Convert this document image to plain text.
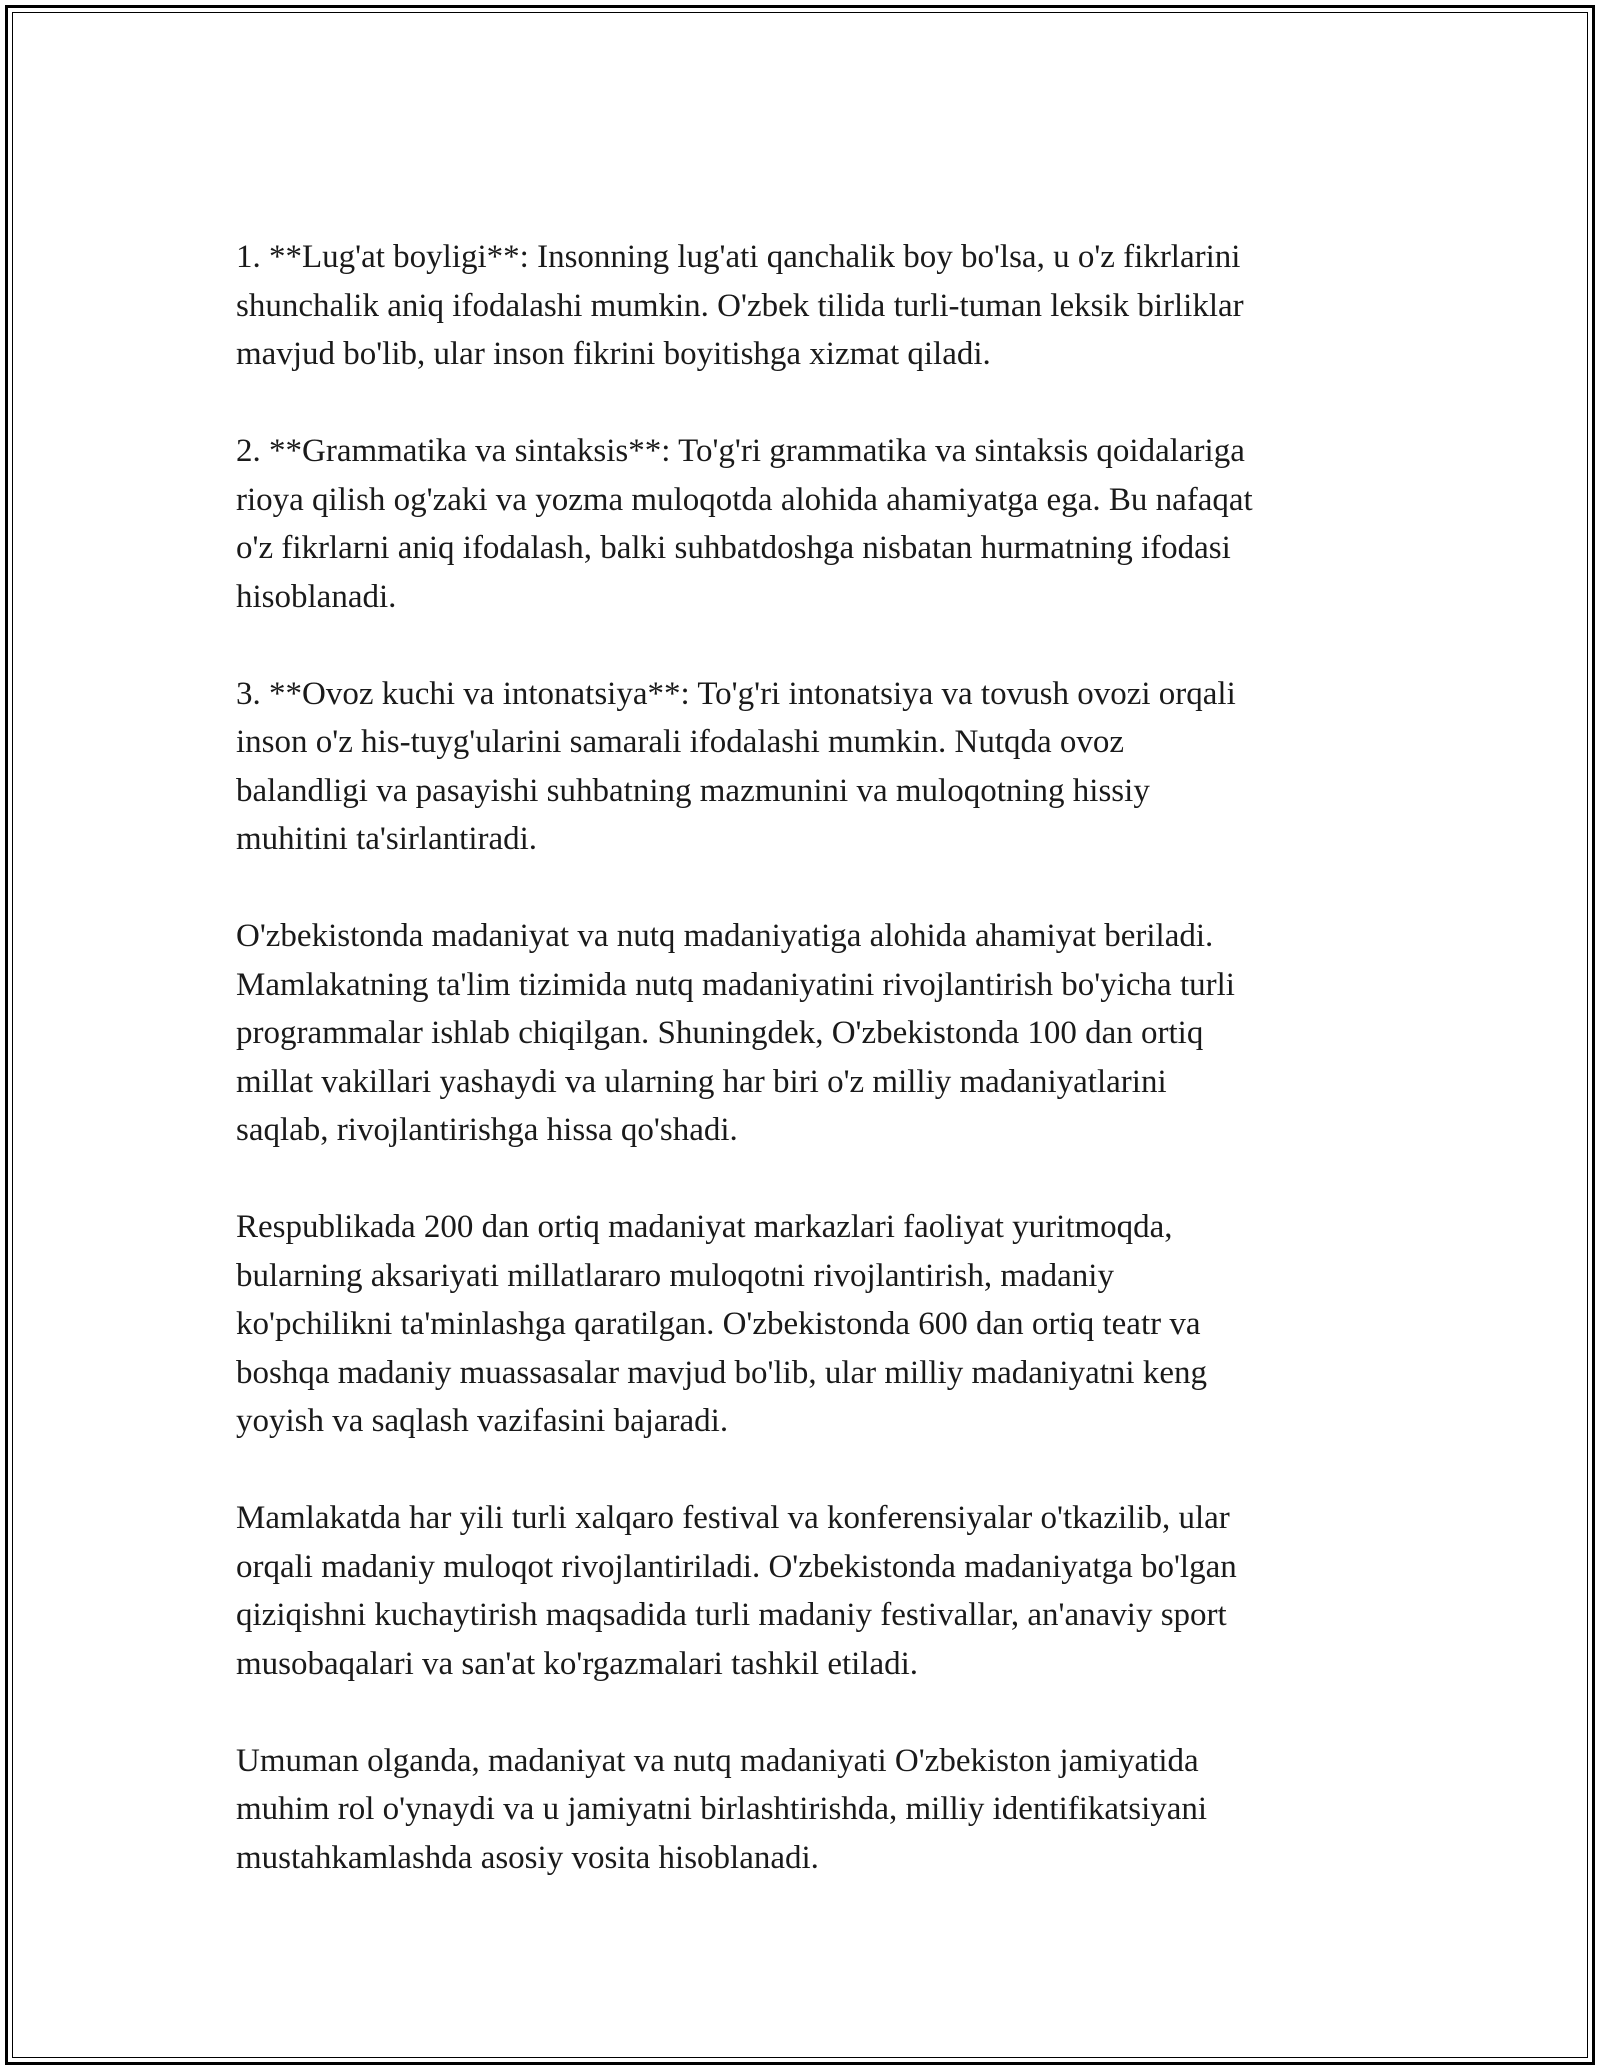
1. **Lug'at boyligi**: Insonning lug'ati qanchalik boy bo'lsa, u o'z fikrlarini
shunchalik aniq ifodalashi mumkin. O'zbek tilida turli-tuman leksik birliklar
mavjud bo'lib, ular inson fikrini boyitishga xizmat qiladi.

2. **Grammatika va sintaksis**: To'g'ri grammatika va sintaksis qoidalariga
rioya qilish og'zaki va yozma muloqotda alohida ahamiyatga ega. Bu nafaqat
o'z fikrlarni aniq ifodalash, balki suhbatdoshga nisbatan hurmatning ifodasi
hisoblanadi.

3. **Ovoz kuchi va intonatsiya**: To'g'ri intonatsiya va tovush ovozi orqali
inson o'z his-tuyg'ularini samarali ifodalashi mumkin. Nutqda ovoz
balandligi va pasayishi suhbatning mazmunini va muloqotning hissiy
muhitini ta'sirlantiradi.

O'zbekistonda madaniyat va nutq madaniyatiga alohida ahamiyat beriladi.
Mamlakatning ta'lim tizimida nutq madaniyatini rivojlantirish bo'yicha turli
programmalar ishlab chiqilgan. Shuningdek, O'zbekistonda 100 dan ortiq
millat vakillari yashaydi va ularning har biri o'z milliy madaniyatlarini
saqlab, rivojlantirishga hissa qo'shadi.

Respublikada 200 dan ortiq madaniyat markazlari faoliyat yuritmoqda,
bularning aksariyati millatlararo muloqotni rivojlantirish, madaniy
ko'pchilikni ta'minlashga qaratilgan. O'zbekistonda 600 dan ortiq teatr va
boshqa madaniy muassasalar mavjud bo'lib, ular milliy madaniyatni keng
yoyish va saqlash vazifasini bajaradi.

Mamlakatda har yili turli xalqaro festival va konferensiyalar o'tkazilib, ular
orqali madaniy muloqot rivojlantiriladi. O'zbekistonda madaniyatga bo'lgan
qiziqishni kuchaytirish maqsadida turli madaniy festivallar, an'anaviy sport
musobaqalari va san'at ko'rgazmalari tashkil etiladi.

Umuman olganda, madaniyat va nutq madaniyati O'zbekiston jamiyatida
muhim rol o'ynaydi va u jamiyatni birlashtirishda, milliy identifikatsiyani
mustahkamlashda asosiy vosita hisoblanadi.
